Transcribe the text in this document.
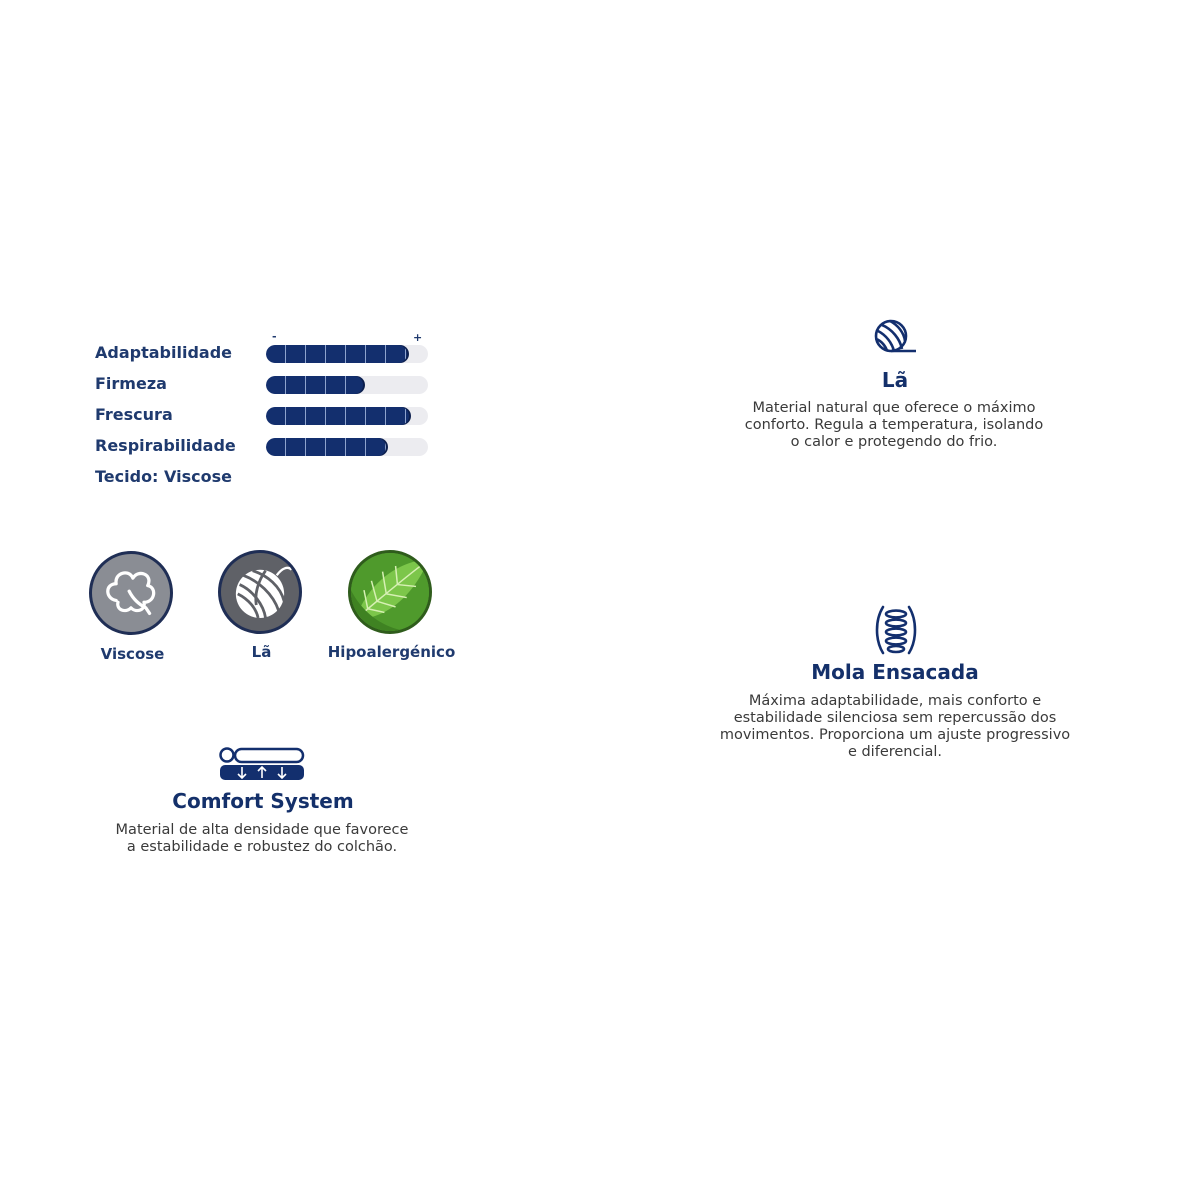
-	+
Adaptabilidade
Firmeza
Frescura
Respirabilidade
Tecido: Viscose
Viscose	Lã	Hipoalergénico
Comfort System
Material de alta densidade que favorece
a estabilidade e robustez do colchão.
Lã
Material natural que oferece o máximo
conforto. Regula a temperatura, isolando
o calor e protegendo do frio.
Mola Ensacada
Máxima adaptabilidade, mais conforto e
estabilidade silenciosa sem repercussão dos
movimentos. Proporciona um ajuste progressivo
e diferencial.
